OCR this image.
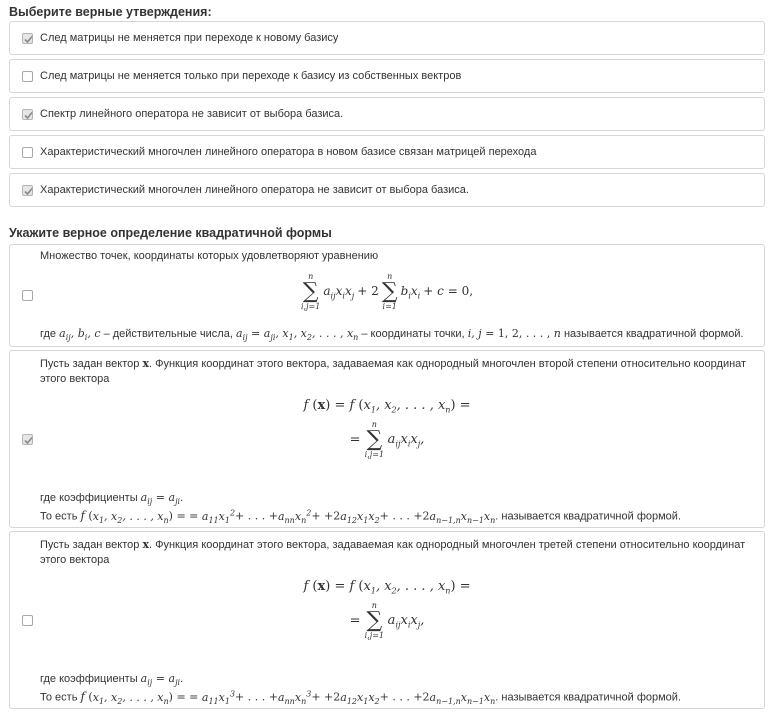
Выберите верные утверждения:
След матрицы не меняется при переходе к новому базису
След матрицы не меняется только при переходе к базису из собственных вектров
Спектр линейного оператора не зависит от выбора базиса.
Характеристический многочлен линейного оператора в новом базисе связан матрицей перехода
Характеристический многочлен линейного оператора не зависит от выбора базиса.
Укажите верное определение квадратичной формы
Множество точек, координаты которых удовлетворяют уравнению
n
∑
i,j=1
$a_{ij}x_ix_j + 2$
n
∑
i=1
$b_ix_i + c = 0$,
где $a_{ij}$, $b_i$, c – действительные числа, $a_{ij} = a_{ji}$, $x_1$, $x_2$, . . . , $x_n$ – координаты точки, i, j = 1, 2, . . . , n называется квадратичной формой.
Пусть задан вектор x. Функция координат этого вектора, задаваемая как однородный многочлен второй степени относительно координат этого вектора
f (x) = f ($x_1$, $x_2$, . . . , $x_n$) =
=
n
∑
i,j=1
$a_{ij}x_ix_j$,
где коэффициенты $a_{ij} = a_{ji}$.
То есть f ($x_1$, $x_2$, . . . , $x_n$) = = $a_{11}x_1^2+$ . . . $+a_{nn}x_n^2+ +2a_{12}x_1x_2+$ . . . $+2a_{n-1,n}x_{n-1}x_n$. называется квадратичной формой.
Пусть задан вектор x. Функция координат этого вектора, задаваемая как однородный многочлен третей степени относительно координат этого вектора
f (x) = f ($x_1$, $x_2$, . . . , $x_n$) =
=
n
∑
i,j=1
$a_{ij}x_ix_j$,
где коэффициенты $a_{ij} = a_{ji}$.
То есть f ($x_1$, $x_2$, . . . , $x_n$) = = $a_{11}x_1^3+$ . . . $+a_{nn}x_n^3+ +2a_{12}x_1x_2+$ . . . $+2a_{n-1,n}x_{n-1}x_n$. называется квадратичной формой.
